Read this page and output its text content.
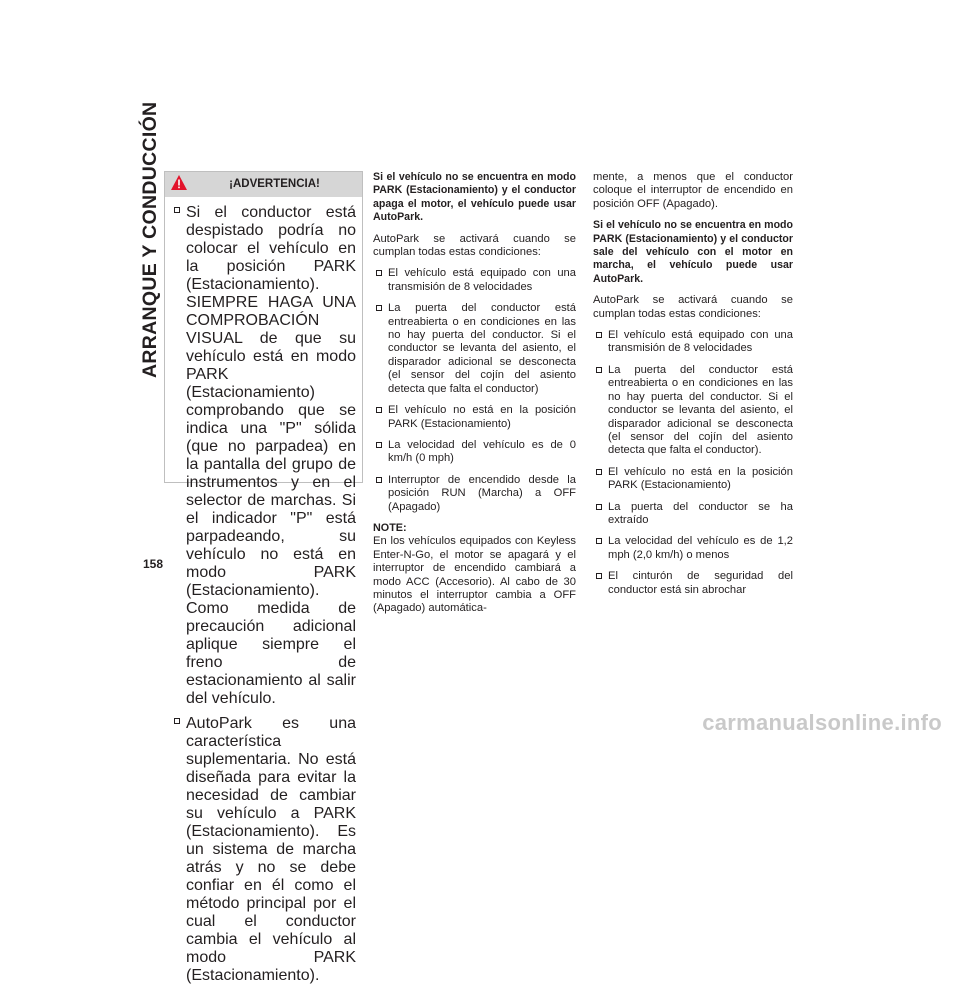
ARRANQUE Y CONDUCCIÓN
158
¡ADVERTENCIA!
Si el conductor está despistado podría no colocar el vehículo en la posición PARK (Estacionamiento). SIEMPRE HAGA UNA COMPROBACIÓN VISUAL de que su vehículo está en modo PARK (Estacionamiento) comprobando que se indica una "P" sólida (que no parpadea) en la pantalla del grupo de instrumentos y en el selector de marchas. Si el indicador "P" está parpadeando, su vehículo no está en modo PARK (Estacionamiento). Como medida de precaución adicional aplique siempre el freno de estacionamiento al salir del vehículo.
AutoPark es una característica suplementaria. No está diseñada para evitar la necesidad de cambiar su vehículo a PARK (Estacionamiento). Es un sistema de marcha atrás y no se debe confiar en él como el método principal por el cual el conductor cambia el vehículo al modo PARK (Estacionamiento).

Si el vehículo no se encuentra en modo PARK (Estacionamiento) y el conductor apaga el motor, el vehículo puede usar AutoPark.

AutoPark se activará cuando se cumplan todas estas condiciones:

El vehículo está equipado con una transmisión de 8 velocidades
La puerta del conductor está entreabierta o en condiciones en las no hay puerta del conductor. Si el conductor se levanta del asiento, el disparador adicional se desconecta (el sensor del cojín del asiento detecta que falta el conductor)
El vehículo no está en la posición PARK (Estacionamiento)
La velocidad del vehículo es de 0 km/h (0 mph)
Interruptor de encendido desde la posición RUN (Marcha) a OFF (Apagado)

NOTE:
En los vehículos equipados con Keyless Enter-N-Go, el motor se apagará y el interruptor de encendido cambiará a modo ACC (Accesorio). Al cabo de 30 minutos el interruptor cambia a OFF (Apagado) automática-

mente, a menos que el conductor coloque el interruptor de encendido en posición OFF (Apagado).

Si el vehículo no se encuentra en modo PARK (Estacionamiento) y el conductor sale del vehículo con el motor en marcha, el vehículo puede usar AutoPark.

AutoPark se activará cuando se cumplan todas estas condiciones:

El vehículo está equipado con una transmisión de 8 velocidades
La puerta del conductor está entreabierta o en condiciones en las no hay puerta del conductor. Si el conductor se levanta del asiento, el disparador adicional se desconecta (el sensor del cojín del asiento detecta que falta el conductor).
El vehículo no está en la posición PARK (Estacionamiento)
La puerta del conductor se ha extraído
La velocidad del vehículo es de 1,2 mph (2,0 km/h) o menos
El cinturón de seguridad del conductor está sin abrochar
carmanualsonline.info
